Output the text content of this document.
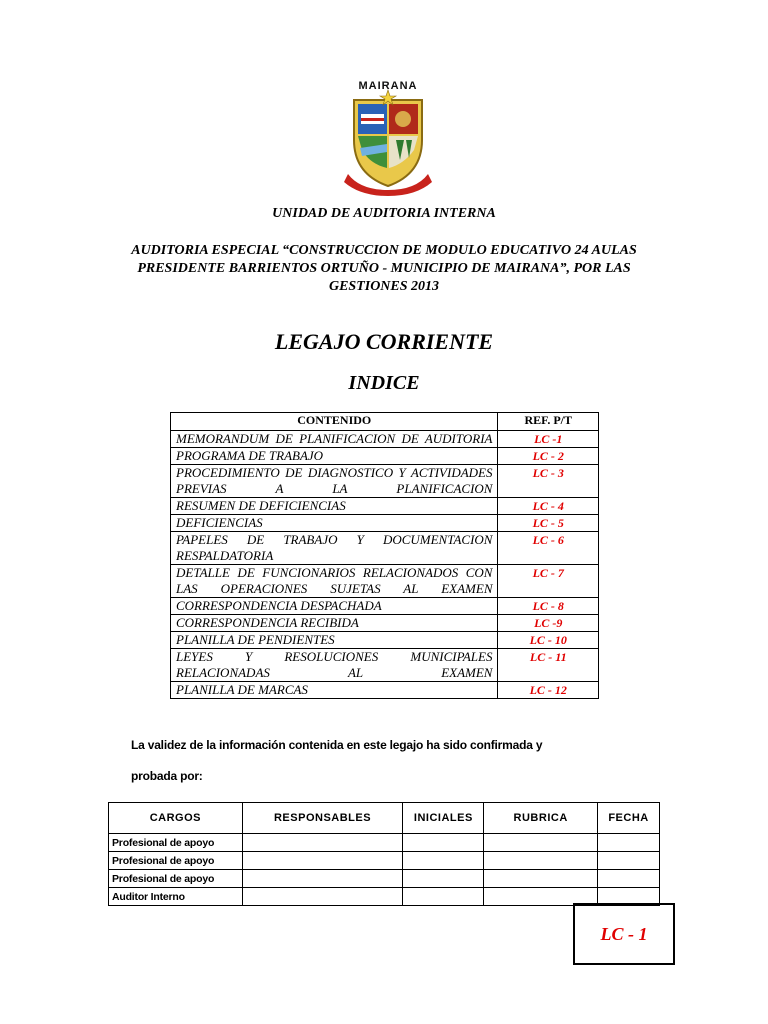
MAIRANA
UNIDAD DE AUDITORIA INTERNA
AUDITORIA ESPECIAL “CONSTRUCCION DE MODULO EDUCATIVO 24 AULAS
PRESIDENTE BARRIENTOS ORTUÑO - MUNICIPIO DE MAIRANA”, POR LAS
GESTIONES 2013
LEGAJO CORRIENTE
INDICE
CONTENIDO	REF. P/T
MEMORANDUM DE PLANIFICACION DE AUDITORIA	LC -1
PROGRAMA DE TRABAJO	LC - 2
PROCEDIMIENTO DE DIAGNOSTICO Y ACTIVIDADES PREVIAS A LA PLANIFICACION	LC - 3
RESUMEN DE DEFICIENCIAS	LC - 4
DEFICIENCIAS	LC - 5
PAPELES DE TRABAJO Y DOCUMENTACION RESPALDATORIA	LC - 6
DETALLE DE FUNCIONARIOS RELACIONADOS CON LAS OPERACIONES SUJETAS AL EXAMEN	LC - 7
CORRESPONDENCIA DESPACHADA	LC - 8
CORRESPONDENCIA RECIBIDA	LC -9
PLANILLA DE PENDIENTES	LC - 10
LEYES Y RESOLUCIONES MUNICIPALES RELACIONADAS AL EXAMEN	LC - 11
PLANILLA DE MARCAS	LC - 12
La validez de la información contenida en este legajo ha sido confirmada y
probada por:
CARGOS	RESPONSABLES	INICIALES	RUBRICA	FECHA
Profesional de apoyo				
Profesional de apoyo				
Profesional de apoyo				
Auditor Interno				
LC - 1
